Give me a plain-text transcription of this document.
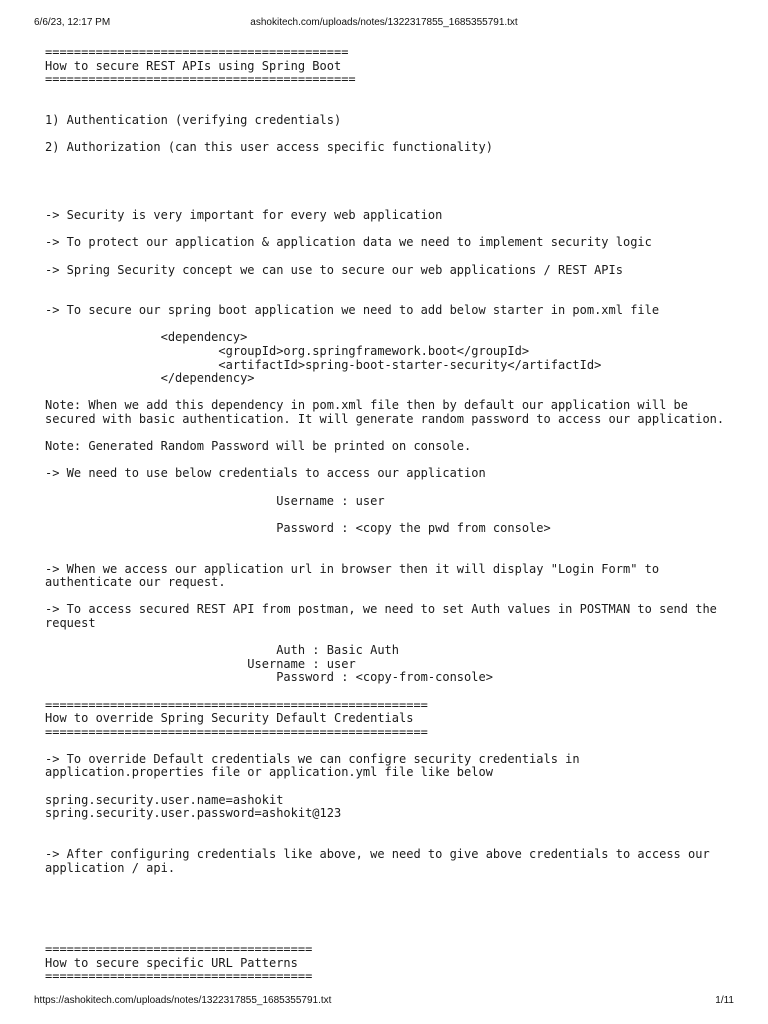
ashokitech.com/uploads/notes/1322317855_1685355791.txt
6/6/23, 12:17 PM
==========================================
How to secure REST APIs using Spring Boot
===========================================
1) Authentication (verifying credentials)
2) Authorization (can this user access specific functionality)
-> Security is very important for every web application
-> To protect our application & application data we need to implement security logic
-> Spring Security concept we can use to secure our web applications / REST APIs
-> To secure our spring boot application we need to add below starter in pom.xml file
<dependency>
<groupId>org.springframework.boot</groupId>
<artifactId>spring-boot-starter-security</artifactId>
</dependency>
Note: When we add this dependency in pom.xml file then by default our application will be secured with basic authentication. It will generate random password to access our application.
Note: Generated Random Password will be printed on console.
-> We need to use below credentials to access our application
Username : user
Password : <copy the pwd from console>
-> When we access our application url in browser then it will display "Login Form" to authenticate our request.
-> To access secured REST API from postman, we need to set Auth values in POSTMAN to send the request
Auth : Basic Auth
Username : user
Password : <copy-from-console>
=====================================================
How to override Spring Security Default Credentials
=====================================================
-> To override Default credentials we can configre security credentials in application.properties file or application.yml file like below
spring.security.user.name=ashokit
spring.security.user.password=ashokit@123
-> After configuring credentials like above, we need to give above credentials to access our application / api.
=====================================
How to secure specific URL Patterns
=====================================
https://ashokitech.com/uploads/notes/1322317855_1685355791.txt	1/11
